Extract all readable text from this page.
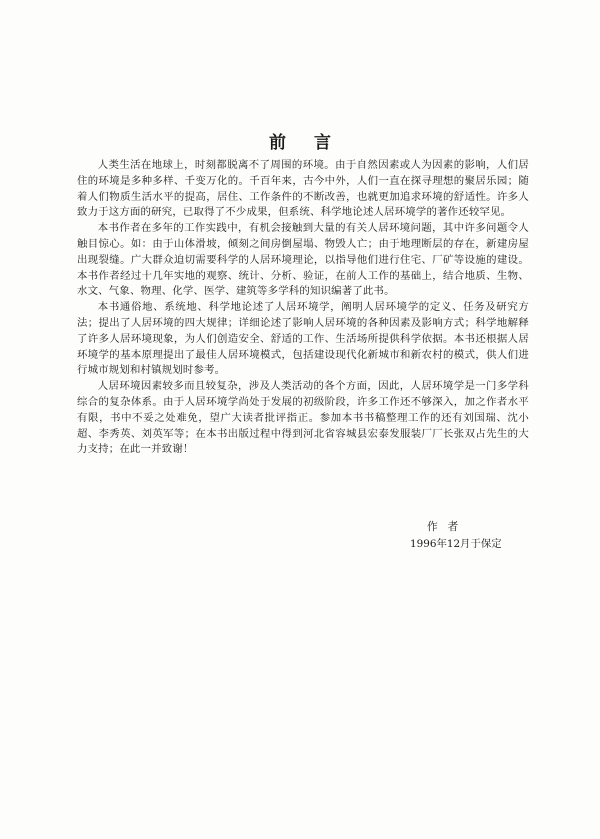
前言

人类生活在地球上，时刻都脱离不了周围的环境。由于自然因素或人为因素的影响，人们居住的环境是多种多样、千变万化的。千百年来，古今中外，人们一直在探寻理想的聚居乐园；随着人们物质生活水平的提高，居住、工作条件的不断改善，也就更加追求环境的舒适性。许多人致力于这方面的研究，已取得了不少成果，但系统、科学地论述人居环境学的著作还较罕见。

本书作者在多年的工作实践中，有机会接触到大量的有关人居环境问题，其中许多问题令人触目惊心。如：由于山体滑坡，倾刻之间房倒屋塌、物毁人亡；由于地理断层的存在，新建房屋出现裂缝。广大群众迫切需要科学的人居环境理论，以指导他们进行住宅、厂矿等设施的建设。本书作者经过十几年实地的观察、统计、分析、验证，在前人工作的基础上，结合地质、生物、水文、气象、物理、化学、医学、建筑等多学科的知识编著了此书。

本书通俗地、系统地、科学地论述了人居环境学，阐明人居环境学的定义、任务及研究方法；提出了人居环境的四大规律；详细论述了影响人居环境的各种因素及影响方式；科学地解释了许多人居环境现象，为人们创造安全、舒适的工作、生活场所提供科学依据。本书还根据人居环境学的基本原理提出了最佳人居环境模式，包括建设现代化新城市和新农村的模式，供人们进行城市规划和村镇规划时参考。

人居环境因素较多而且较复杂，涉及人类活动的各个方面，因此，人居环境学是一门多学科综合的复杂体系。由于人居环境学尚处于发展的初级阶段，许多工作还不够深入，加之作者水平有限，书中不妥之处难免，望广大读者批评指正。参加本书书稿整理工作的还有刘国瑞、沈小超、李秀英、刘英军等；在本书出版过程中得到河北省容城县宏泰发服装厂厂长张双占先生的大力支持；在此一并致谢！

作者

1996年12月于保定
